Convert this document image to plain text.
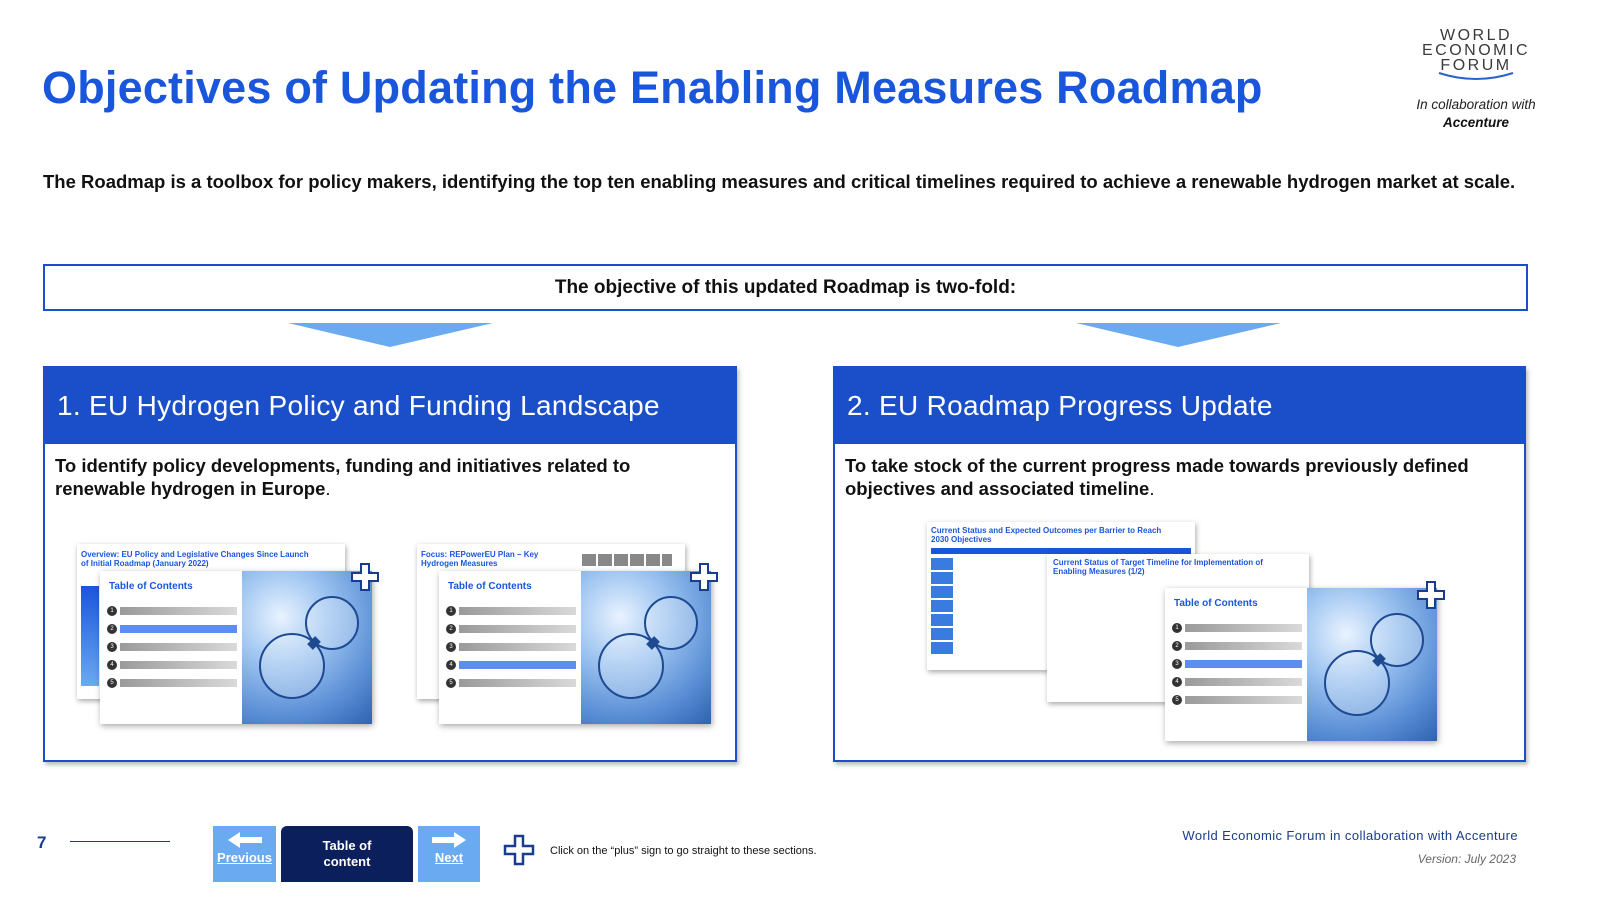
Objectives of Updating the Enabling Measures Roadmap
WORLD
ECONOMIC
FORUM
In collaboration with
Accenture
The Roadmap is a toolbox for policy makers, identifying the top ten enabling measures and critical timelines required to achieve a renewable hydrogen market at scale.
The objective of this updated Roadmap is two-fold:
1. EU Hydrogen Policy and Funding Landscape
To identify policy developments, funding and initiatives related to renewable hydrogen in Europe.
Overview: EU Policy and Legislative Changes Since Launch of Initial Roadmap (January 2022)
Table of Contents
1
2
3
4
5
Focus: REPowerEU Plan – Key Hydrogen Measures
Table of Contents
1
2
3
4
5
2. EU Roadmap Progress Update
To take stock of the current progress made towards previously defined objectives and associated timeline.
Current Status and Expected Outcomes per Barrier to Reach 2030 Objectives
Current Status of Target Timeline for Implementation of Enabling Measures (1/2)
Table of Contents
1
2
3
4
5
7
Previous
Table of content	Next	Click on the “plus” sign to go straight to these sections.
World Economic Forum in collaboration with Accenture
Version: July 2023
